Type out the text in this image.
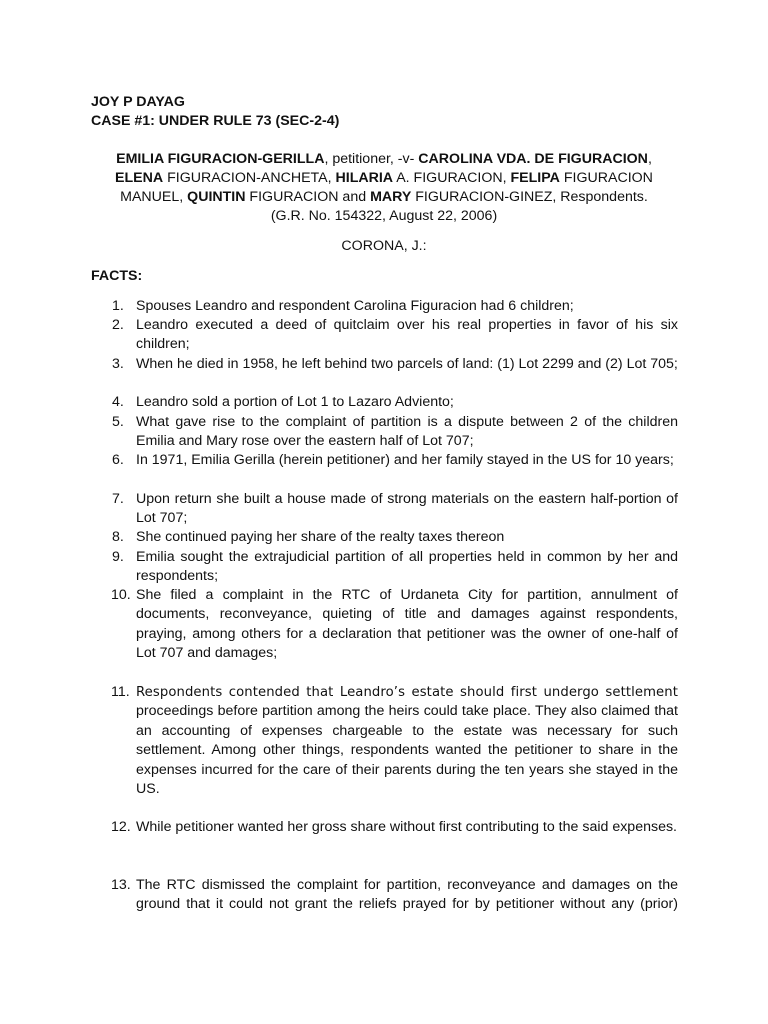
JOY P DAYAG
CASE #1: UNDER RULE 73 (SEC-2-4)
EMILIA FIGURACION-GERILLA, petitioner, -v- CAROLINA VDA. DE FIGURACION,
ELENA FIGURACION-ANCHETA, HILARIA A. FIGURACION, FELIPA FIGURACION
MANUEL, QUINTIN FIGURACION and MARY FIGURACION-GINEZ, Respondents.
(G.R. No. 154322, August 22, 2006)
CORONA, J.:
FACTS:
1. Spouses Leandro and respondent Carolina Figuracion had 6 children;
2. Leandro executed a deed of quitclaim over his real properties in favor of his six children;
3. When he died in 1958, he left behind two parcels of land: (1) Lot 2299 and (2) Lot 705;
4. Leandro sold a portion of Lot 1 to Lazaro Adviento;
5. What gave rise to the complaint of partition is a dispute between 2 of the children Emilia and Mary rose over the eastern half of Lot 707;
6. In 1971, Emilia Gerilla (herein petitioner) and her family stayed in the US for 10 years;
7. Upon return she built a house made of strong materials on the eastern half-portion of Lot 707;
8. She continued paying her share of the realty taxes thereon
9. Emilia sought the extrajudicial partition of all properties held in common by her and respondents;
10. She filed a complaint in the RTC of Urdaneta City for partition, annulment of documents, reconveyance, quieting of title and damages against respondents, praying, among others for a declaration that petitioner was the owner of one-half of Lot 707 and damages;
11. Respondents contended that Leandro’s estate should first undergo settlement proceedings before partition among the heirs could take place. They also claimed that an accounting of expenses chargeable to the estate was necessary for such settlement. Among other things, respondents wanted the petitioner to share in the expenses incurred for the care of their parents during the ten years she stayed in the US.
12. While petitioner wanted her gross share without first contributing to the said expenses.
13. The RTC dismissed the complaint for partition, reconveyance and damages on the ground that it could not grant the reliefs prayed for by petitioner without any (prior)
